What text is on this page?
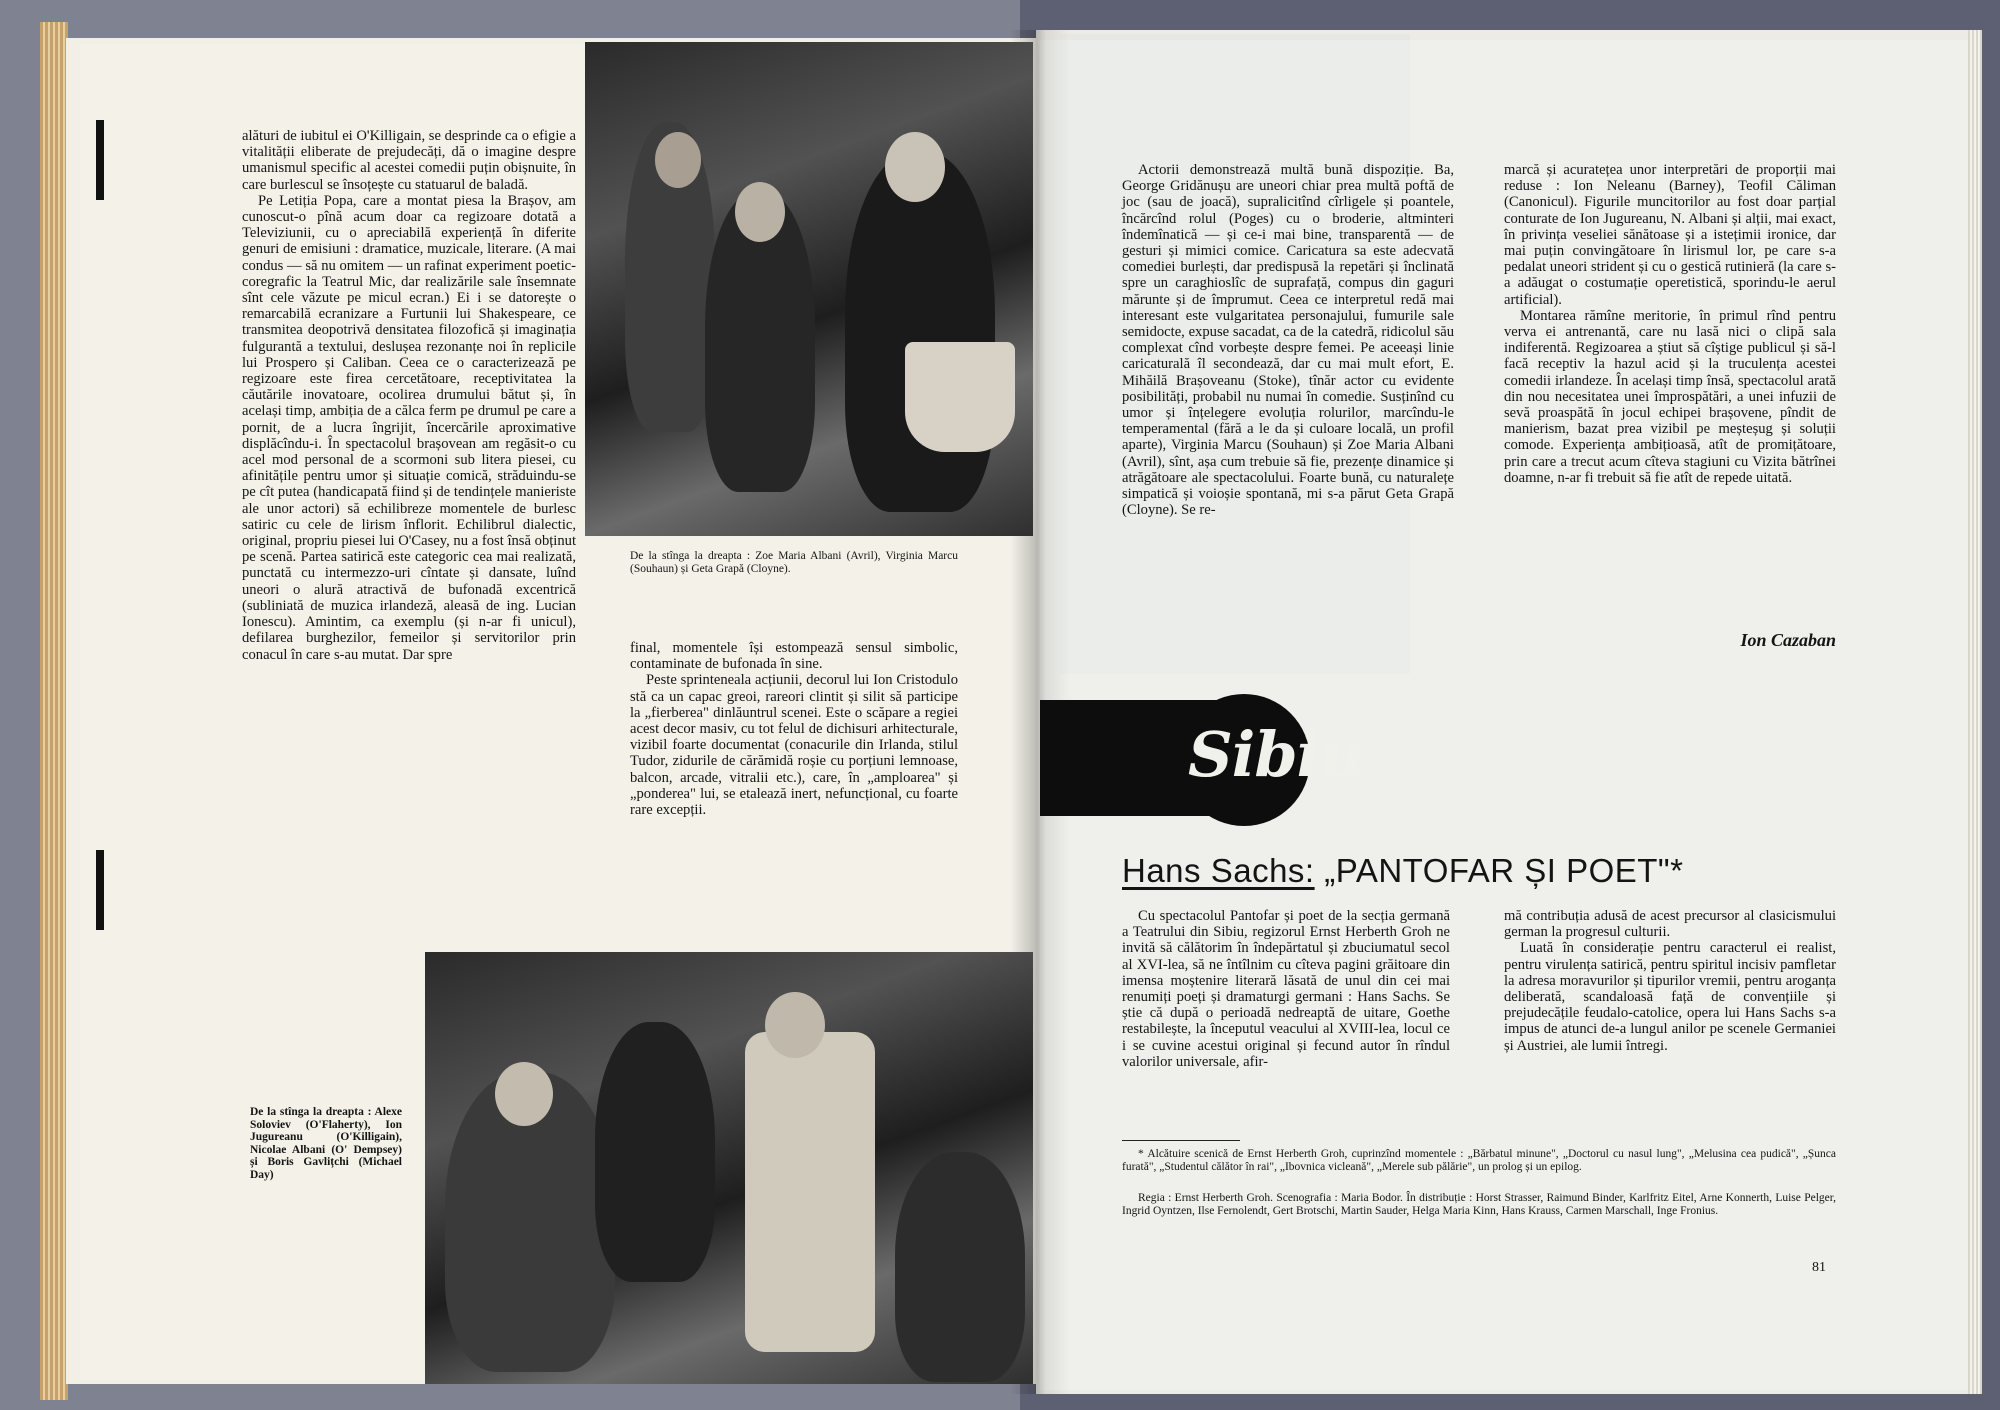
alături de iubitul ei O'Killigain, se desprinde ca o efigie a vitalității eliberate de prejudecăți, dă o imagine despre umanismul specific al acestei comedii puțin obișnuite, în care burlescul se însoțește cu statuarul de baladă.

Pe Letiția Popa, care a montat piesa la Brașov, am cunoscut-o pînă acum doar ca regizoare dotată a Televiziunii, cu o apreciabilă experiență în diferite genuri de emisiuni : dramatice, muzicale, literare. (A mai condus — să nu omitem — un rafinat experiment poetic-coregrafic la Teatrul Mic, dar realizările sale însemnate sînt cele văzute pe micul ecran.) Ei i se datorește o remarcabilă ecranizare a Furtunii lui Shakespeare, ce transmitea deopotrivă densitatea filozofică și imaginația fulgurantă a textului, deslușea rezonanțe noi în replicile lui Prospero și Caliban. Ceea ce o caracterizează pe regizoare este firea cercetătoare, receptivitatea la căutările inovatoare, ocolirea drumului bătut și, în același timp, ambiția de a călca ferm pe drumul pe care a pornit, de a lucra îngrijit, încercările aproximative displăcîndu-i. În spectacolul brașovean am regăsit-o cu acel mod personal de a scormoni sub litera piesei, cu afinitățile pentru umor și situație comică, străduindu-se pe cît putea (handicapată fiind și de tendințele manieriste ale unor actori) să echilibreze momentele de burlesc satiric cu cele de lirism înflorit. Echilibrul dialectic, original, propriu piesei lui O'Casey, nu a fost însă obținut pe scenă. Partea satirică este categoric cea mai realizată, punctată cu intermezzo-uri cîntate și dansate, luînd uneori o alură atractivă de bufonadă excentrică (subliniată de muzica irlandeză, aleasă de ing. Lucian Ionescu). Amintim, ca exemplu (și n-ar fi unicul), defilarea burghezilor, femeilor și servitorilor prin conacul în care s-au mutat. Dar spre

De la stînga la dreapta : Zoe Maria Albani (Avril), Virginia Marcu (Souhaun) și Geta Grapă (Cloyne).

final, momentele își estompează sensul simbolic, contaminate de bufonada în sine.

Peste sprintenеala acțiunii, decorul lui Ion Cristodulo stă ca un capac greoi, rareori clintit și silit să participe la „fierberea" dinlăuntrul scenei. Este o scăpare a regiei acest decor masiv, cu tot felul de dichisuri arhitecturale, vizibil foarte documentat (conacurile din Irlanda, stilul Tudor, zidurile de cărămidă roșie cu porțiuni lemnoase, balcon, arcade, vitralii etc.), care, în „amploarea" și „ponderea" lui, se etalează inert, nefuncțional, cu foarte rare excepții.

De la stînga la dreapta : Alexe Soloviev (O'Flaherty), Ion Jugureanu (O'Killigain), Nicolae Albani (O' Dempsey) și Boris Gavlițchi (Michael Day)

Actorii demonstrează multă bună dispoziție. Ba, George Gridănușu are uneori chiar prea multă poftă de joc (sau de joacă), supralicitînd cîrligele și poantele, încărcînd rolul (Poges) cu o broderie, altminteri îndemînatică — și ce-i mai bine, transparentă — de gesturi și mimici comice. Caricatura sa este adecvată comediei burlești, dar predispusă la repetări și înclinată spre un caraghioslîc de suprafață, compus din gaguri mărunte și de împrumut. Ceea ce interpretul redă mai interesant este vulgaritatea personajului, fumurile sale semidocte, expuse sacadat, ca de la catedră, ridicolul său complexat cînd vorbește despre femei. Pe aceeași linie caricaturală îl secondează, dar cu mai mult efort, E. Mihăilă Brașoveanu (Stoke), tînăr actor cu evidente posibilități, probabil nu numai în comedie. Susținînd cu umor și înțelegere evoluția rolurilor, marcîndu-le temperamental (fără a le da și culoare locală, un profil aparte), Virginia Marcu (Souhaun) și Zoe Maria Albani (Avril), sînt, așa cum trebuie să fie, prezențe dinamice și atrăgătoare ale spectacolului. Foarte bună, cu naturalețe simpatică și voioșie spontană, mi s-a părut Geta Grapă (Cloyne). Se re-

marcă și acuratețea unor interpretări de proporții mai reduse : Ion Neleanu (Barney), Teofil Căliman (Canonicul). Figurile muncitorilor au fost doar parțial conturate de Ion Jugureanu, N. Albani și alții, mai exact, în privința veseliei sănătoase și a istețimii ironice, dar mai puțin convingătoare în lirismul lor, pe care s-a pedalat uneori strident și cu o gestică rutinieră (la care s-a adăugat o costumație operetistică, sporindu-le aerul artificial).

Montarea rămîne meritorie, în primul rînd pentru verva ei antrenantă, care nu lasă nici o clipă sala indiferentă. Regizoarea a știut să cîștige publicul și să-l facă receptiv la hazul acid și la truculența acestei comedii irlandeze. În același timp însă, spectacolul arată din nou necesitatea unei împrospătări, a unei infuzii de sevă proaspătă în jocul echipei brașovene, pîndit de manierism, bazat prea vizibil pe meșteșug și soluții comode. Experiența ambițioasă, atît de promițătoare, prin care a trecut acum cîteva stagiuni cu Vizita bătrînei doamne, n-ar fi trebuit să fie atît de repede uitată.

Ion Cazaban
Sibiu
Hans Sachs: „PANTOFAR ȘI POET"*
Cu spectacolul Pantofar și poet de la secția germană a Teatrului din Sibiu, regizorul Ernst Herberth Groh ne invită să călătorim în îndepărtatul și zbuciumatul secol al XVI-lea, să ne întîlnim cu cîteva pagini grăitoare din imensa moștenire literară lăsată de unul din cei mai renumiți poeți și dramaturgi germani : Hans Sachs. Se știe că după o perioadă nedreaptă de uitare, Goethe restabilește, la începutul veacului al XVIII-lea, locul ce i se cuvine acestui original și fecund autor în rîndul valorilor universale, afir-

mă contribuția adusă de acest precursor al clasicismului german la progresul culturii.

Luată în considerație pentru caracterul ei realist, pentru virulența satirică, pentru spiritul incisiv pamfletar la adresa moravurilor și tipurilor vremii, pentru aroganța deliberată, scandaloasă față de convențiile și prejudecățile feudalo-catolice, opera lui Hans Sachs s-a impus de atunci de-a lungul anilor pe scenele Germaniei și Austriei, ale lumii întregi.

* Alcătuire scenică de Ernst Herberth Groh, cuprinzînd momentele : „Bărbatul minune", „Doctorul cu nasul lung", „Melusina cea pudică", „Șunca furată", „Studentul călător în rai", „Ibovnica vicleană", „Merele sub pălărie", un prolog și un epilog.
Regia : Ernst Herberth Groh. Scenografia : Maria Bodor. În distribuție : Horst Strasser, Raimund Binder, Karlfritz Eitel, Arne Konnerth, Luise Pelger, Ingrid Oyntzen, Ilse Fernolendt, Gert Brotschi, Martin Sauder, Helga Maria Kinn, Hans Krauss, Carmen Marschall, Inge Fronius.
81
